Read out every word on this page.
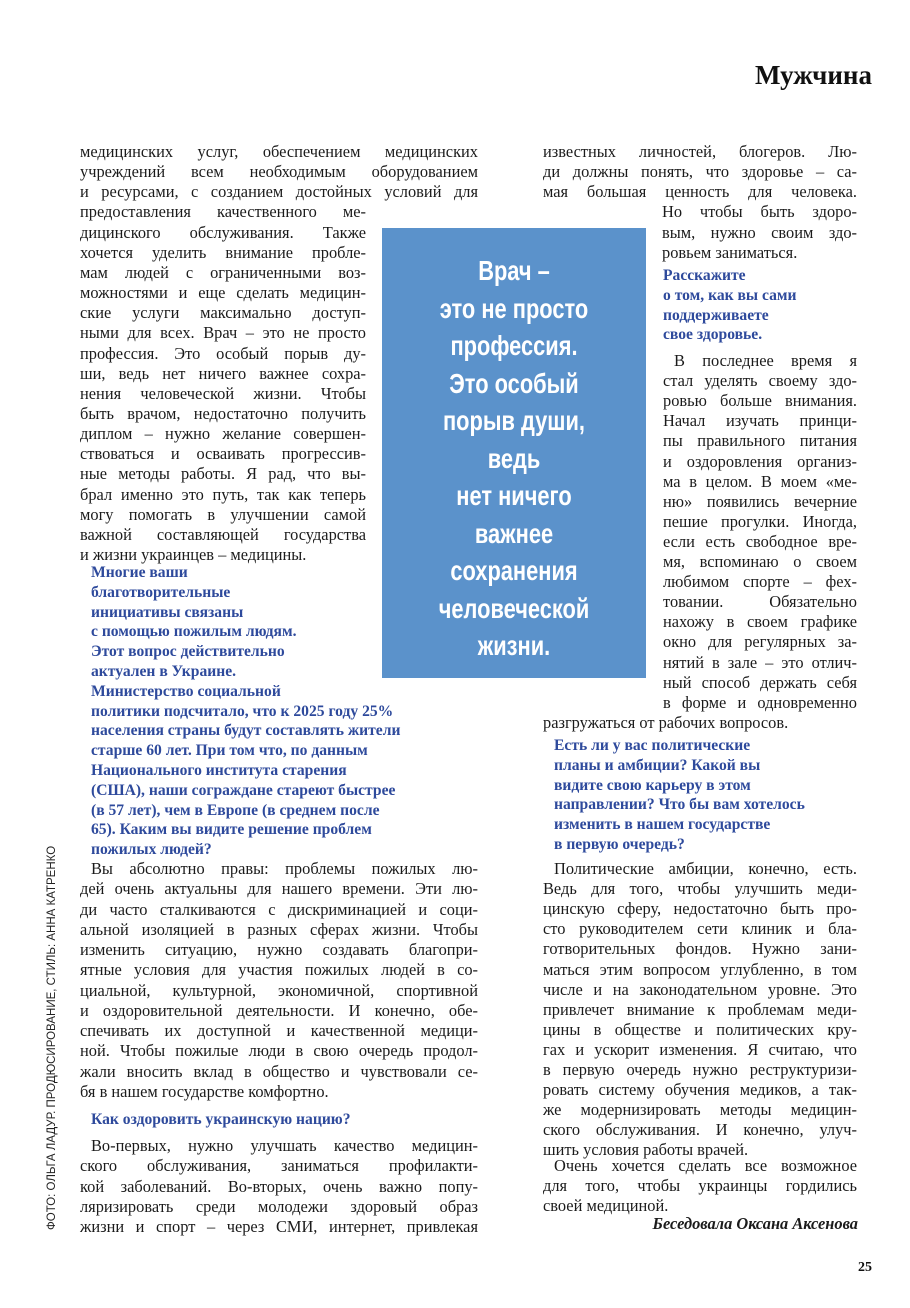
Мужчина
ФОТО: ОЛЬГА ЛАДУР. ПРОДЮСИРОВАНИЕ, СТИЛЬ: АННА КАТРЕНКО
25
Врач –
это не просто
профессия.
Это особый
порыв души,
ведь
нет ничего
важнее
сохранения
человеческой
жизни.
медицинских услуг, обеспечением медицинских
учреждений всем необходимым оборудованием
и ресурсами, с созданием достойных условий для
предоставления качественного ме-
дицинского обслуживания. Также
хочется уделить внимание пробле-
мам людей с ограниченными воз-
можностями и еще сделать медицин-
ские услуги максимально доступ-
ными для всех. Врач – это не просто
профессия. Это особый порыв ду-
ши, ведь нет ничего важнее сохра-
нения человеческой жизни. Чтобы
быть врачом, недостаточно получить
диплом – нужно желание совершен-
ствоваться и осваивать прогрессив-
ные методы работы. Я рад, что вы-
брал именно это путь, так как теперь
могу помогать в улучшении самой
важной составляющей государства
и жизни украинцев – медицины.
Многие ваши
благотворительные
инициативы связаны
с помощью пожилым людям.
Этот вопрос действительно
актуален в Украине.
Министерство социальной
политики подсчитало, что к 2025 году 25%
населения страны будут составлять жители
старше 60 лет. При том что, по данным
Национального института старения
(США), наши сограждане стареют быстрее
(в 57 лет), чем в Европе (в среднем после
65). Каким вы видите решение проблем
пожилых людей?
Вы абсолютно правы: проблемы пожилых лю-
дей очень актуальны для нашего времени. Эти лю-
ди часто сталкиваются с дискриминацией и соци-
альной изоляцией в разных сферах жизни. Чтобы
изменить ситуацию, нужно создавать благопри-
ятные условия для участия пожилых людей в со-
циальной, культурной, экономичной, спортивной
и оздоровительной деятельности. И конечно, обе-
спечивать их доступной и качественной медици-
ной. Чтобы пожилые люди в свою очередь продол-
жали вносить вклад в общество и чувствовали се-
бя в нашем государстве комфортно.
Как оздоровить украинскую нацию?
Во-первых, нужно улучшать качество медицин-
ского обслуживания, заниматься профилакти-
кой заболеваний. Во-вторых, очень важно попу-
ляризировать среди молодежи здоровый образ
жизни и спорт – через СМИ, интернет, привлекая
известных личностей, блогеров. Лю-
ди должны понять, что здоровье – са-
мая большая ценность для человека.
Но чтобы быть здоро-
вым, нужно своим здо-
ровьем заниматься.
Расскажите
о том, как вы сами
поддерживаете
свое здоровье.
В последнее время я
стал уделять своему здо-
ровью больше внимания.
Начал изучать принци-
пы правильного питания
и оздоровления организ-
ма в целом. В моем «ме-
ню» появились вечерние
пешие прогулки. Иногда,
если есть свободное вре-
мя, вспоминаю о своем
любимом спорте – фех-
товании. Обязательно
нахожу в своем графике
окно для регулярных за-
нятий в зале – это отлич-
ный способ держать себя
в форме и одновременно
разгружаться от рабочих вопросов.
Есть ли у вас политические
планы и амбиции? Какой вы
видите свою карьеру в этом
направлении? Что бы вам хотелось
изменить в нашем государстве
в первую очередь?
Политические амбиции, конечно, есть.
Ведь для того, чтобы улучшить меди-
цинскую сферу, недостаточно быть про-
сто руководителем сети клиник и бла-
готворительных фондов. Нужно зани-
маться этим вопросом углубленно, в том
числе и на законодательном уровне. Это
привлечет внимание к проблемам меди-
цины в обществе и политических кру-
гах и ускорит изменения. Я считаю, что
в первую очередь нужно реструктуризи-
ровать систему обучения медиков, а так-
же модернизировать методы медицин-
ского обслуживания. И конечно, улуч-
шить условия работы врачей.
Очень хочется сделать все возможное
для того, чтобы украинцы гордились
своей медициной.
Беседовала Оксана Аксенова
